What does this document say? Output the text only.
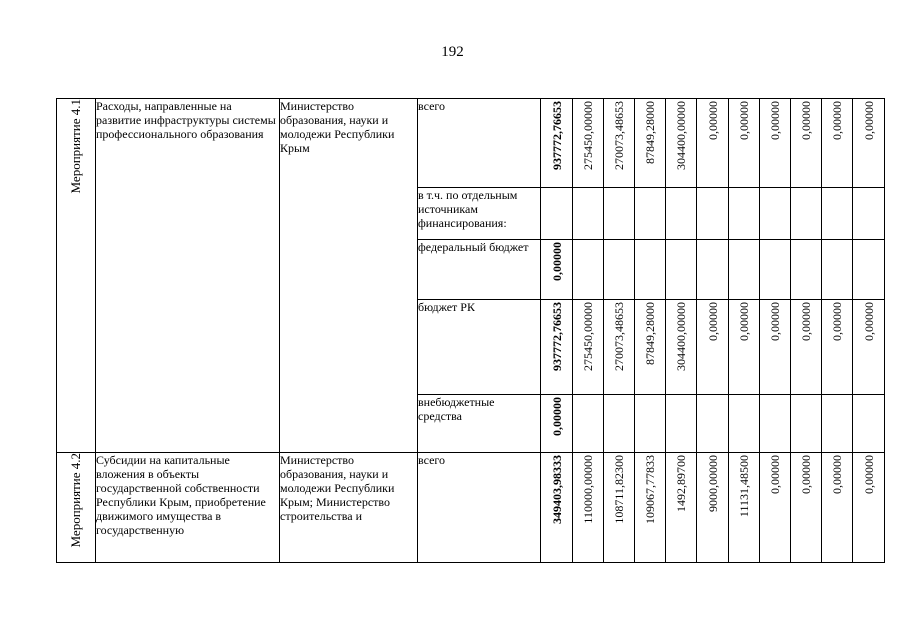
192
Мероприятие 4.1	Расходы, направленные на развитие инфраструктуры системы профессионального образования	Министерство образования, науки и молодежи Республики Крым	всего	937772,76653	275450,00000	270073,48653	87849,28000	304400,00000	0,00000	0,00000	0,00000	0,00000	0,00000	0,00000

			в т.ч. по отдельным источникам финансирования:											
			федеральный бюджет	0,00000										

			бюджет РК	937772,76653	275450,00000	270073,48653	87849,28000	304400,00000	0,00000	0,00000	0,00000	0,00000	0,00000	0,00000

			внебюджетные средства	0,00000										

Мероприятие 4.2	Субсидии на капитальные вложения в объекты государственной собственности Республики Крым, приобретение движимого имущества в государственную	Министерство образования, науки и молодежи Республики Крым; Министерство строительства и	всего	349403,98333	110000,00000	108711,82300	109067,77833	1492,89700	9000,00000	11131,48500	0,00000	0,00000	0,00000	0,00000
